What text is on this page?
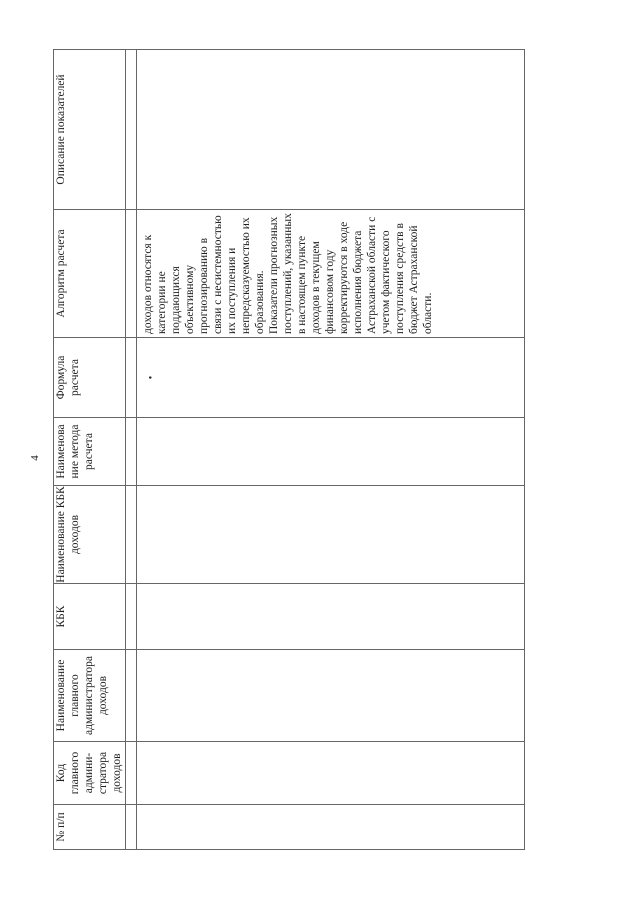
4
№ п/п	Код главного админи-стратора доходов	Наименование главного администратора доходов	КБК	Наименование КБК доходов	Наименова ние метода расчета	Формула расчета	Алгоритм расчета	Описание показателей

						•	доходов относятся к категории не поддающихся объективному прогнозированию в связи с несистемностью их поступления и непредсказуемостью их образования. Показатели прогнозных поступлений, указанных в настоящем пункте доходов в текущем финансовом году корректируются в ходе исполнения бюджета Астраханской области с учетом фактического поступления средств в бюджет Астраханской области.	
